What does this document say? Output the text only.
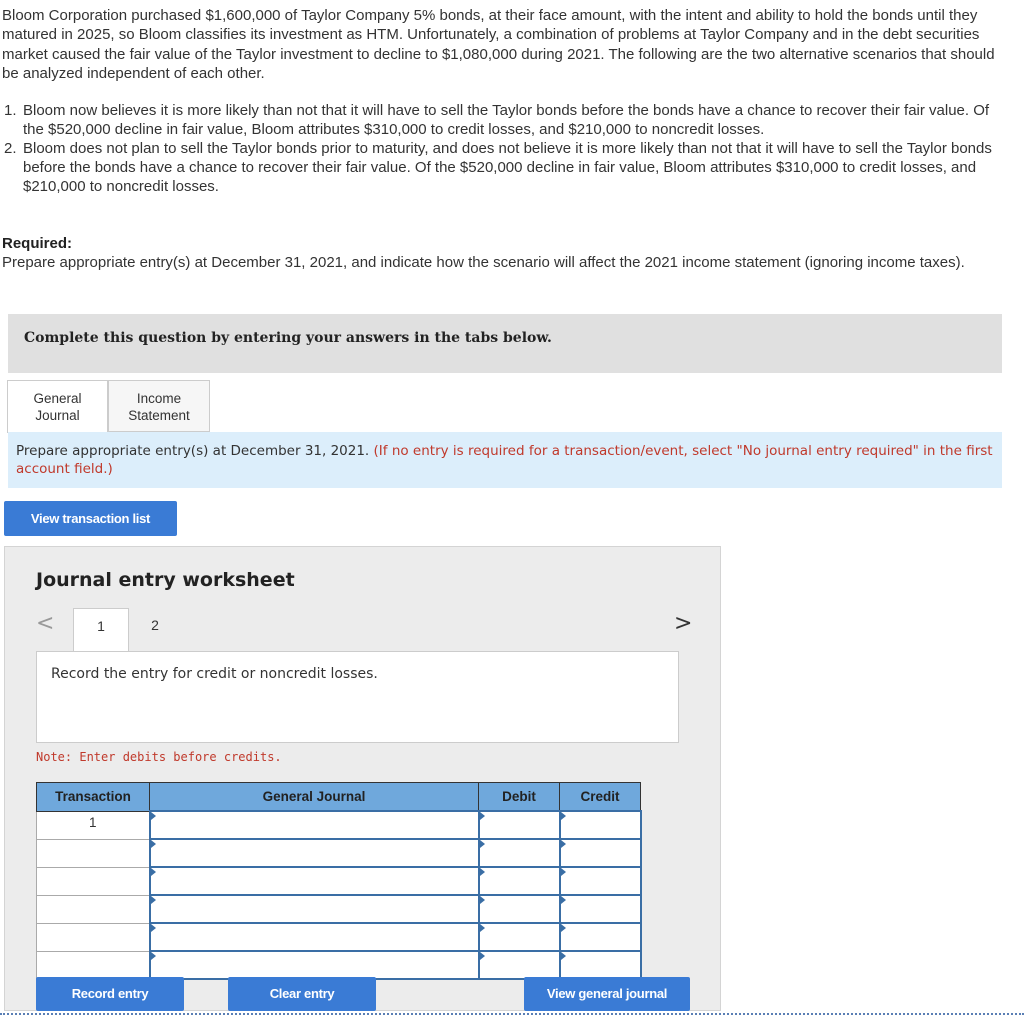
Bloom Corporation purchased $1,600,000 of Taylor Company 5% bonds, at their face amount, with the intent and ability to hold the bonds until they matured in 2025, so Bloom classifies its investment as HTM. Unfortunately, a combination of problems at Taylor Company and in the debt securities market caused the fair value of the Taylor investment to decline to $1,080,000 during 2021. The following are the two alternative scenarios that should be analyzed independent of each other.

1. Bloom now believes it is more likely than not that it will have to sell the Taylor bonds before the bonds have a chance to recover their fair value. Of the $520,000 decline in fair value, Bloom attributes $310,000 to credit losses, and $210,000 to noncredit losses.
2. Bloom does not plan to sell the Taylor bonds prior to maturity, and does not believe it is more likely than not that it will have to sell the Taylor bonds before the bonds have a chance to recover their fair value. Of the $520,000 decline in fair value, Bloom attributes $310,000 to credit losses, and $210,000 to noncredit losses.
Required:
Prepare appropriate entry(s) at December 31, 2021, and indicate how the scenario will affect the 2021 income statement (ignoring income taxes).
Complete this question by entering your answers in the tabs below.
General
Journal
Income
Statement
Prepare appropriate entry(s) at December 31, 2021. (If no entry is required for a transaction/event, select "No journal entry required" in the first account field.)
View transaction list
Journal entry worksheet
<	1	2	>
Record the entry for credit or noncredit losses.
Note: Enter debits before credits.
Transaction	General Journal	Debit	Credit
1			

Record entry	Clear entry	View general journal
